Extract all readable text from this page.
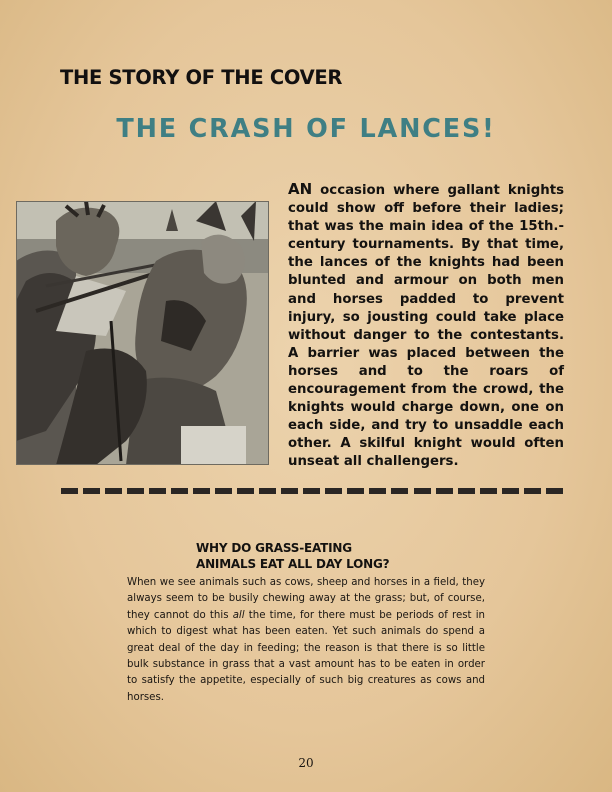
THE STORY OF THE COVER
THE CRASH OF LANCES!
AN occasion where gallant knights could show off before their ladies; that was the main idea of the 15th.-century tournaments. By that time, the lances of the knights had been blunted and armour on both men and horses padded to prevent injury, so jousting could take place without danger to the contestants. A barrier was placed between the horses and to the roars of encouragement from the crowd, the knights would charge down, one on each side, and try to unsaddle each other. A skilful knight would often unseat all challengers.
WHY DO GRASS-EATING
ANIMALS EAT ALL DAY LONG?
When we see animals such as cows, sheep and horses in a field, they always seem to be busily chewing away at the grass; but, of course, they cannot do this all the time, for there must be periods of rest in which to digest what has been eaten. Yet such animals do spend a great deal of the day in feeding; the reason is that there is so little bulk substance in grass that a vast amount has to be eaten in order to satisfy the appetite, especially of such big creatures as cows and horses.
20
